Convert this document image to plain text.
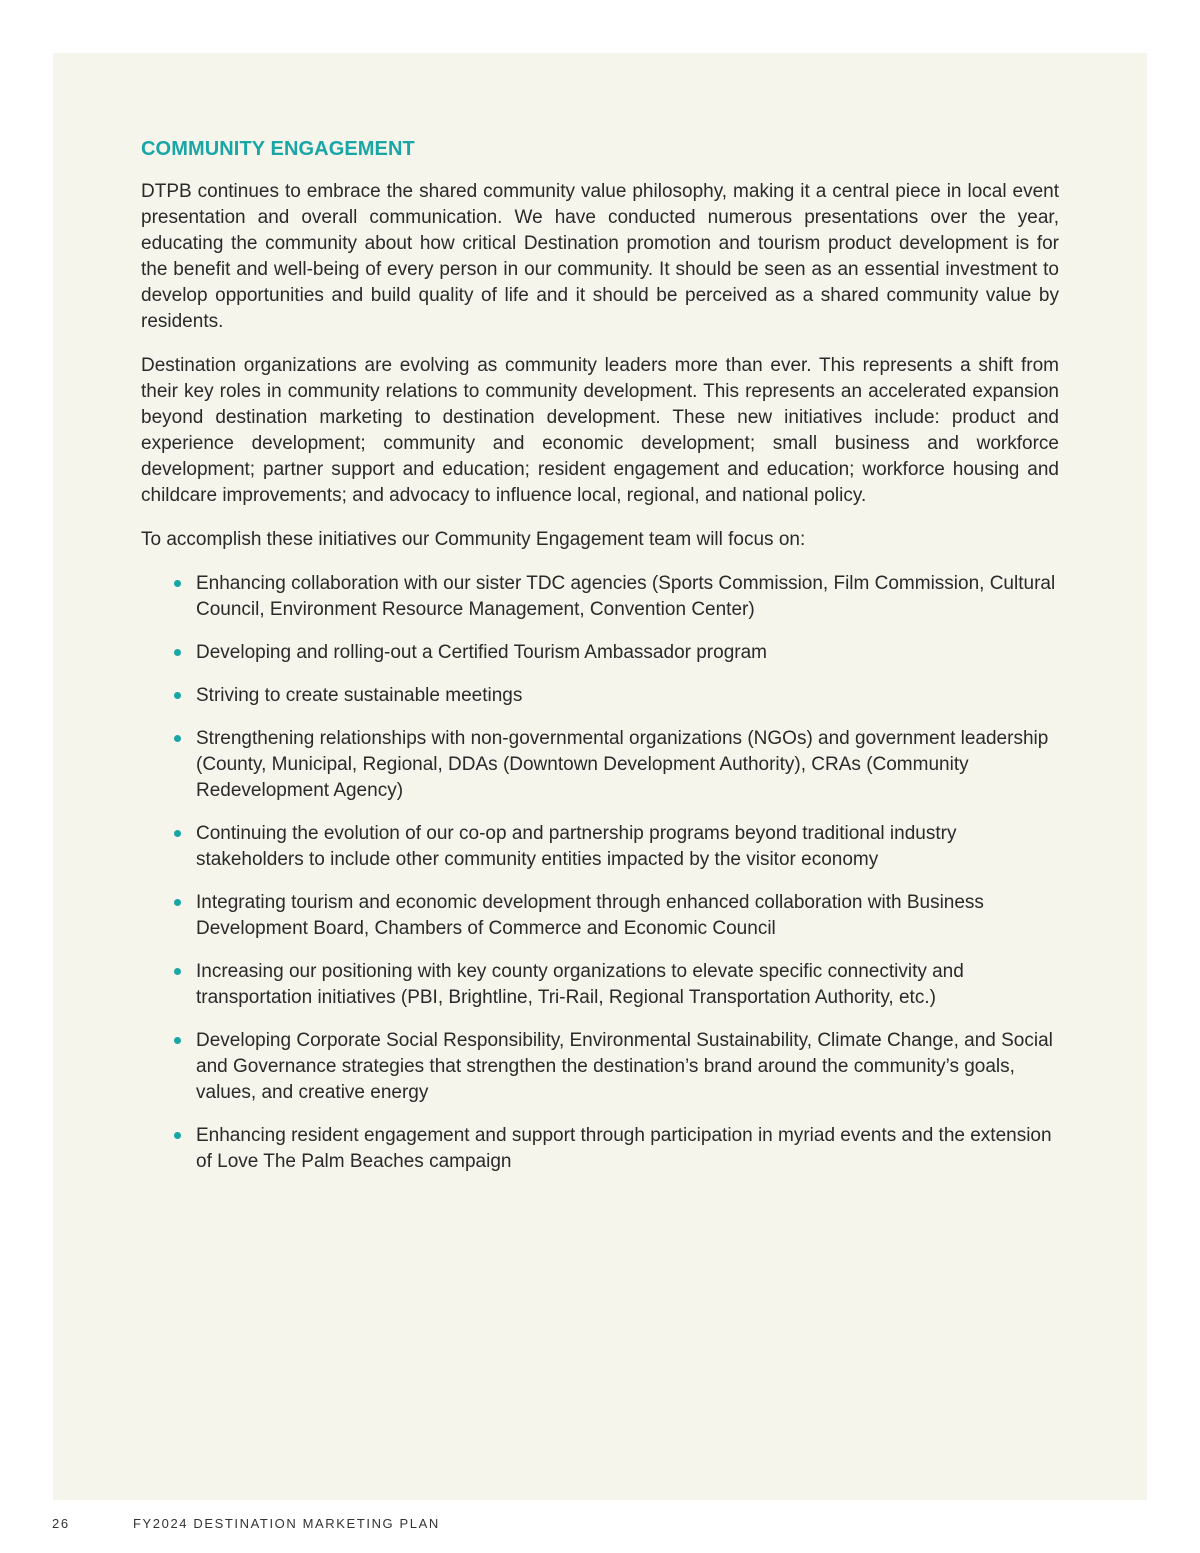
COMMUNITY ENGAGEMENT

DTPB continues to embrace the shared community value philosophy, making it a central piece in local event presentation and overall communication. We have conducted numerous presentations over the year, educating the community about how critical Destination promotion and tourism product development is for the benefit and well-being of every person in our community. It should be seen as an essential investment to develop opportunities and build quality of life and it should be perceived as a shared community value by residents.

Destination organizations are evolving as community leaders more than ever. This represents a shift from their key roles in community relations to community development. This represents an accelerated expansion beyond destination marketing to destination development. These new initiatives include: product and experience development; community and economic development; small business and workforce development; partner support and education; resident engagement and education; workforce housing and childcare improvements; and advocacy to influence local, regional, and national policy.

To accomplish these initiatives our Community Engagement team will focus on:

Enhancing collaboration with our sister TDC agencies (Sports Commission, Film Commission, Cultural Council, Environment Resource Management, Convention Center)
Developing and rolling-out a Certified Tourism Ambassador program
Striving to create sustainable meetings
Strengthening relationships with non-governmental organizations (NGOs) and government leadership (County, Municipal, Regional, DDAs (Downtown Development Authority), CRAs (Community Redevelopment Agency)
Continuing the evolution of our co-op and partnership programs beyond traditional industry stakeholders to include other community entities impacted by the visitor economy
Integrating tourism and economic development through enhanced collaboration with Business Development Board, Chambers of Commerce and Economic Council
Increasing our positioning with key county organizations to elevate specific connectivity and transportation initiatives (PBI, Brightline, Tri-Rail, Regional Transportation Authority, etc.)
Developing Corporate Social Responsibility, Environmental Sustainability, Climate Change, and Social and Governance strategies that strengthen the destination’s brand around the community’s goals, values, and creative energy
Enhancing resident engagement and support through participation in myriad events and the extension of Love The Palm Beaches campaign
26	FY2024 DESTINATION MARKETING PLAN
